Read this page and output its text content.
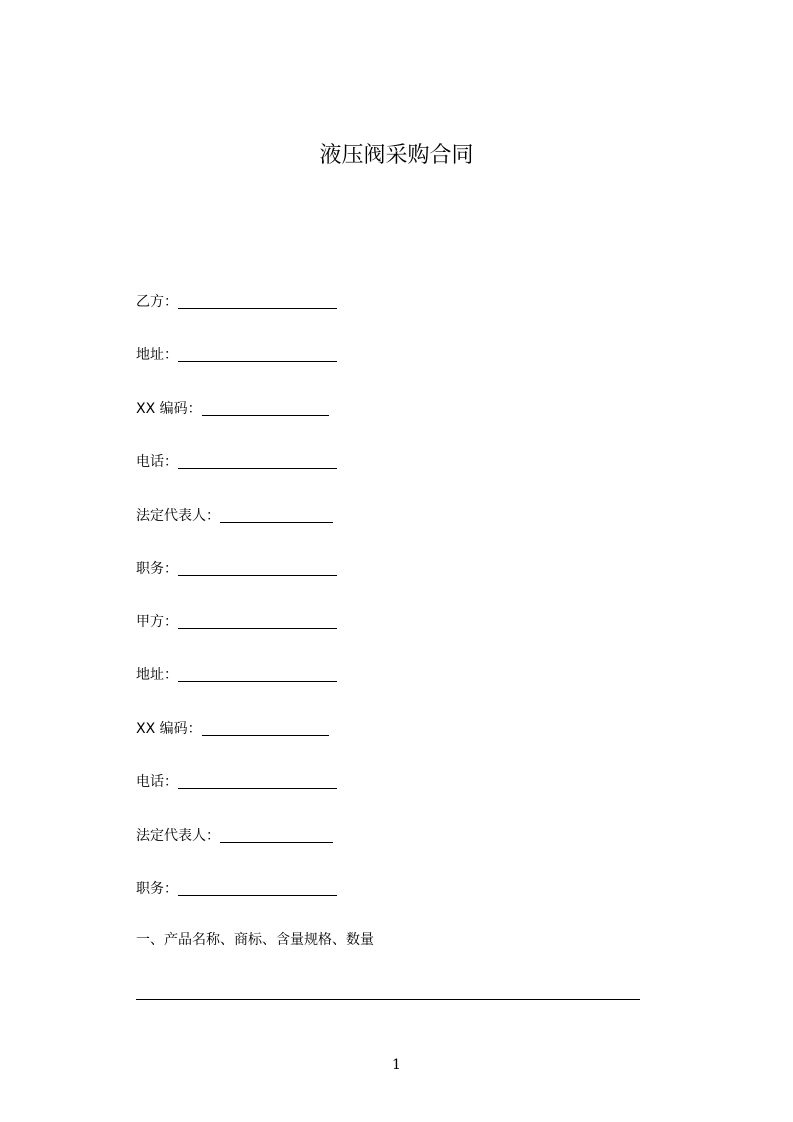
液压阀采购合同
乙方：
地址：
XX 编码：
电话：
法定代表人：
职务：
甲方：
地址：
XX 编码：
电话：
法定代表人：
职务：
一、产品名称、商标、含量规格、数量
1
